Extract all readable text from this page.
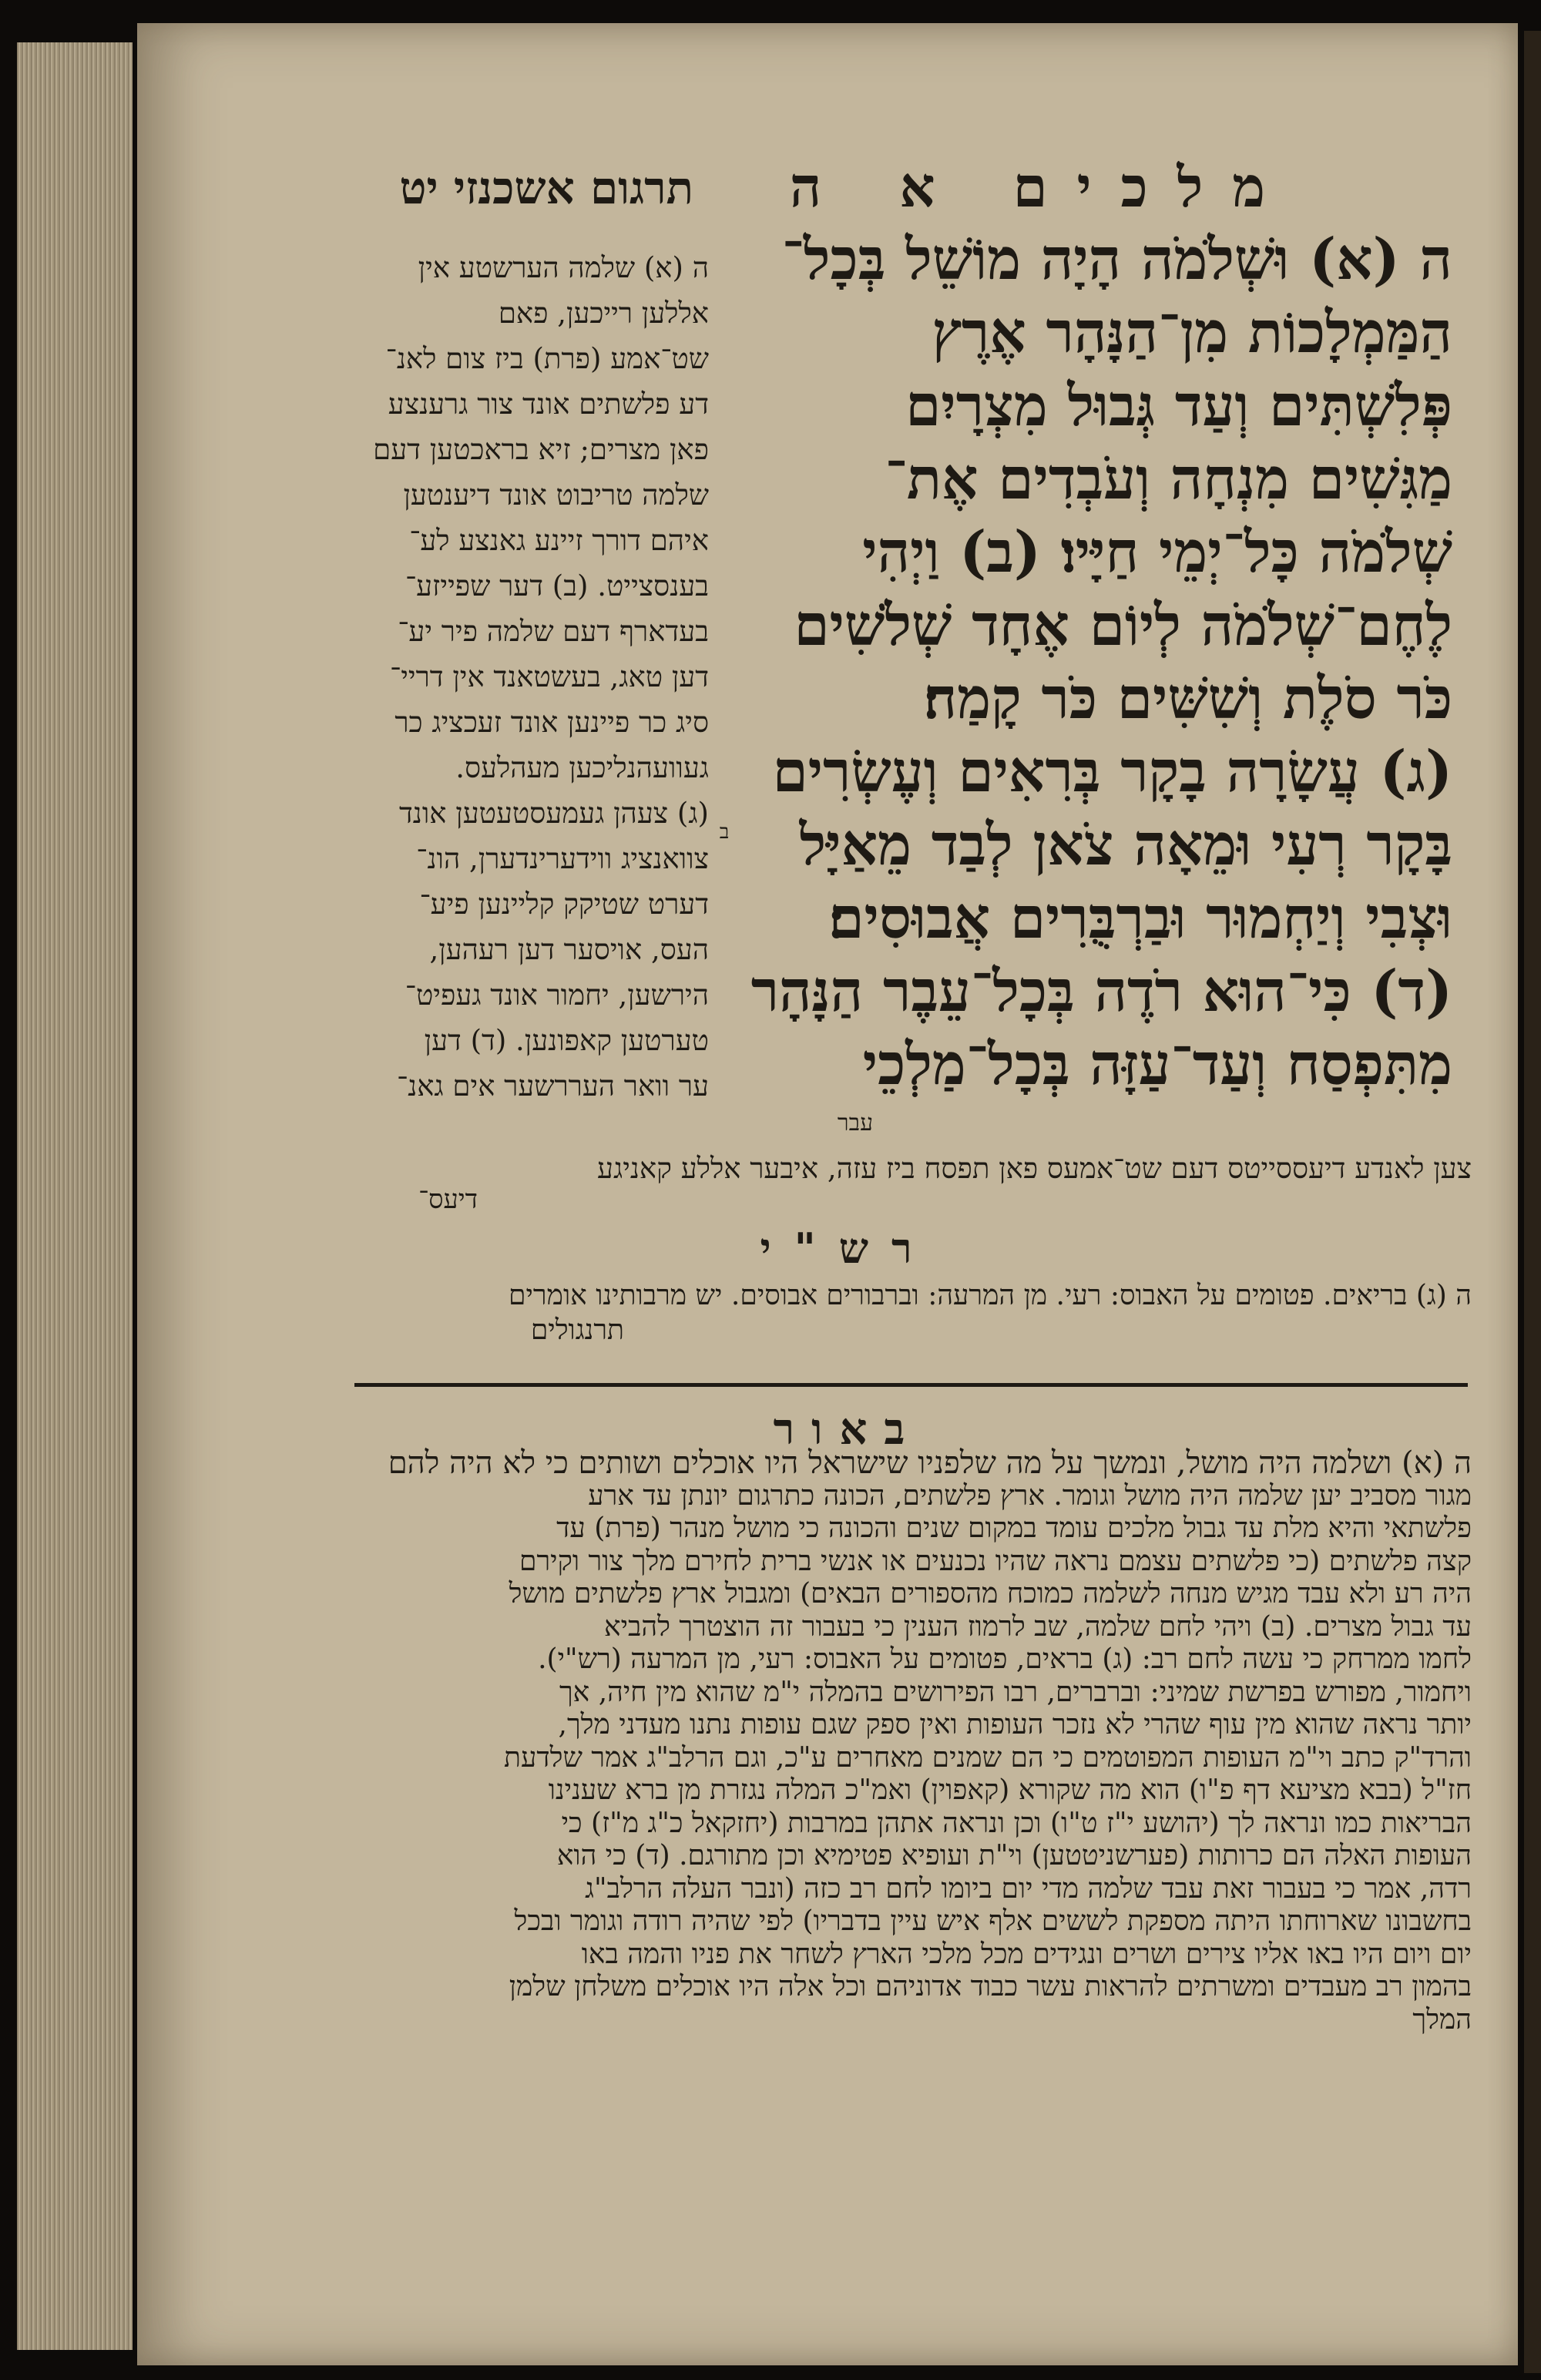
מלכים א ה
תרגום אשכנזי יט
ה (א) וּשְׁלֹמֹה הָיָה מוֹשֵׁל בְּכָל־
הַמַּמְלָכוֹת מִן־הַנָּהָר אֶרֶץ
פְּלִשְׁתִּים וְעַד גְּבוּל מִצְרָיִם
מַגִּשִׁים מִנְחָה וְעֹבְדִים אֶת־
שְׁלֹמֹה כָּל־יְמֵי חַיָּיו׃ (ב) וַיְהִי
לֶחֶם־שְׁלֹמֹה לְיוֹם אֶחָד שְׁלֹשִׁים
כֹּר סֹלֶת וְשִׁשִּׁים כֹּר קָמַח׃
(ג) עֲשָׂרָה בָקָר בְּרִאִים וְעֶשְׂרִים
בָּקָר רְעִי וּמֵאָה צֹאן לְבַד מֵאַיָּל
וּצְבִי וְיַחְמוּר וּבַרְבֻּרִים אֲבוּסִים׃
(ד) כִּי־הוּא רֹדֶה בְּכָל־עֵבֶר הַנָּהָר
מִתִּפְסַח וְעַד־עַזָּה בְּכָל־מַלְכֵי
ב
עבר
ה (א) שלמה הערשטע אין
אללען רייכען, פאם
שט־אמע (פרת) ביז צום לאנ־
דע פלשתים אונד צור גרענצע
פאן מצרים; זיא בראכטען דעם
שלמה טריבוט אונד דיענטען
איהם דורך זיינע גאנצע לע־
בענסצייט. (ב) דער שפייזע־
בעדארף דעם שלמה פיר יע־
דען טאג, בעשטאנד אין דריי־
סיג כר פיינען אונד זעכציג כר
געוועהנליכען מעהלעס.
(ג) צעהן געמעסטעטען אונד
צוואנציג ווידערינדערן, הונ־
דערט שטיקק קליינען פיע־
העס, אויסער דען רעהען,
הירשען, יחמור אונד געפיט־
טערטען קאפונען. (ד) דען
ער וואר העררשער אים גאנ־
צען לאנדע דיעססייטס דעם שט־אמעס פאן תפסח ביז עזה, איבער אללע קאניגע
דיעס־
רש"י
ה (ג) בריאים. פטומים על האבוס: רעי. מן המרעה: וברבורים אבוסים. יש מרבותינו אומרים
תרנגולים
באור
ה (א) ושלמה היה מושל, ונמשך על מה שלפניו שישראל היו אוכלים ושותים כי לא היה להם
מגור מסביב יען שלמה היה מושל וגומר. ארץ פלשתים, הכונה כתרגום יונתן עד ארע
פלשתאי והיא מלת עד גבול מלכים עומד במקום שנים והכונה כי מושל מנהר (פרת) עד
קצה פלשתים (כי פלשתים עצמם נראה שהיו נכנעים או אנשי ברית לחירם מלך צור וקירם
היה רע ולא עבד מגיש מנחה לשלמה כמוכח מהספורים הבאים) ומגבול ארץ פלשתים מושל
עד גבול מצרים. (ב) ויהי לחם שלמה, שב לרמוז הענין כי בעבור זה הוצטרך להביא
לחמו ממרחק כי עשה לחם רב: (ג) בראים, פטומים על האבוס: רעי, מן המרעה (רש"י).
ויחמור, מפורש בפרשת שמיני: וברברים, רבו הפירושים בהמלה י"מ שהוא מין חיה, אך
יותר נראה שהוא מין עוף שהרי לא נזכר העופות ואין ספק שגם עופות נתנו מעדני מלך,
והרד"ק כתב וי"מ העופות המפוטמים כי הם שמנים מאחרים ע"כ, וגם הרלב"ג אמר שלדעת
חז"ל (בבא מציעא דף פ"ו) הוא מה שקורא (קאפוין) ואמ"כ המלה נגזרת מן ברא שענינו
הבריאות כמו ונראה לך (יהושע י"ז ט"ו) וכן ונראה אתהן במרבות (יחזקאל כ"ג מ"ז) כי
העופות האלה הם כרותות (פערשניטטען) וי"ת ועופיא פטימיא וכן מתורגם. (ד) כי הוא
רדה, אמר כי בעבור זאת עבד שלמה מדי יום ביומו לחם רב כזה (ונבר העלה הרלב"ג
בחשבונו שארוחתו היתה מספקת לששים אלף איש עיין בדבריו) לפי שהיה רודה וגומר ובכל
יום ויום היו באו אליו צירים ושרים ונגידים מכל מלכי הארץ לשחר את פניו והמה באו
בהמון רב מעבדים ומשרתים להראות עשר כבוד אדוניהם וכל אלה היו אוכלים משלחן שלמן
המלך
